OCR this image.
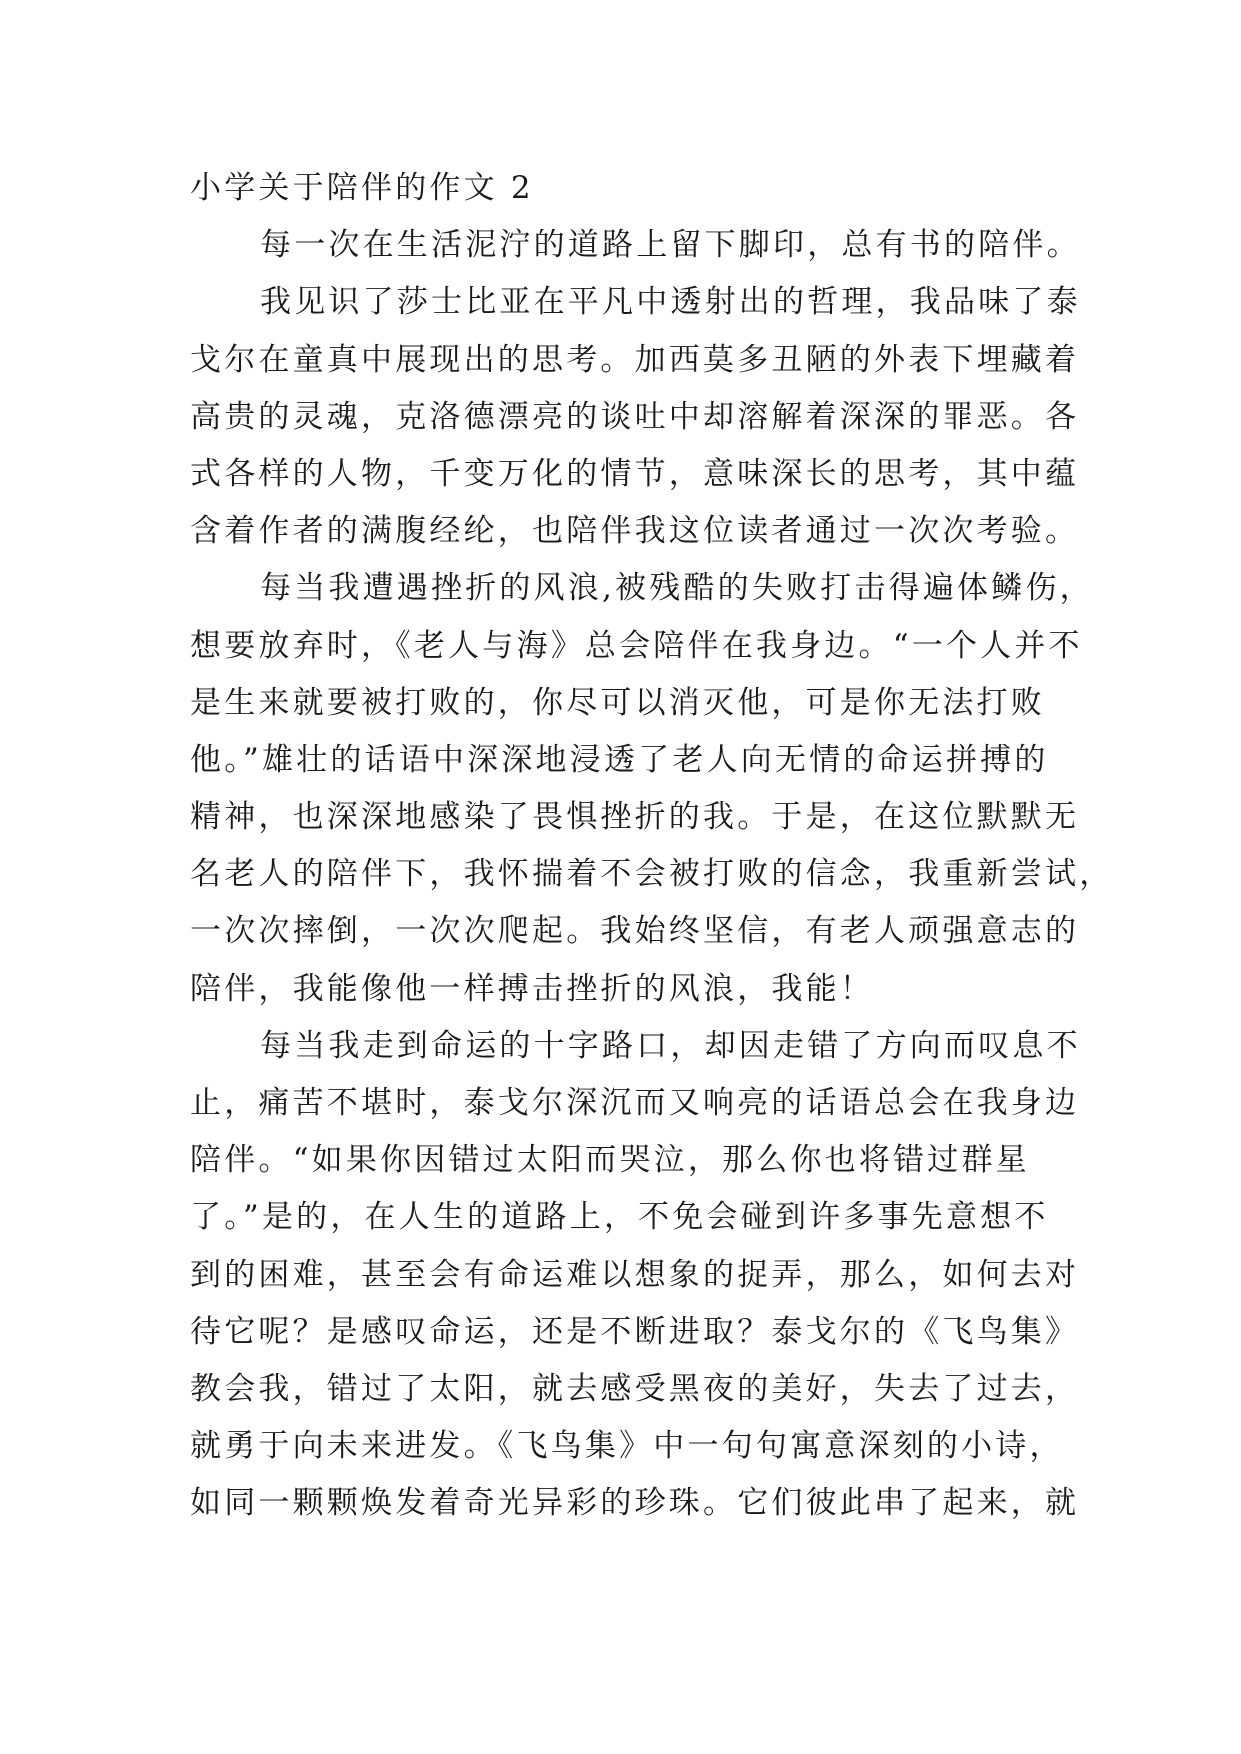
小学关于陪伴的作文 2
每一次在生活泥泞的道路上留下脚印，总有书的陪伴。
我见识了莎士比亚在平凡中透射出的哲理，我品味了泰
戈尔在童真中展现出的思考。加西莫多丑陋的外表下埋藏着
高贵的灵魂，克洛德漂亮的谈吐中却溶解着深深的罪恶。各
式各样的人物，千变万化的情节，意味深长的思考，其中蕴
含着作者的满腹经纶，也陪伴我这位读者通过一次次考验。
每当我遭遇挫折的风浪,被残酷的失败打击得遍体鳞伤，
想要放弃时，《老人与海》总会陪伴在我身边。“一个人并不
是生来就要被打败的，你尽可以消灭他，可是你无法打败
他。”雄壮的话语中深深地浸透了老人向无情的命运拼搏的
精神，也深深地感染了畏惧挫折的我。于是，在这位默默无
名老人的陪伴下，我怀揣着不会被打败的信念，我重新尝试，
一次次摔倒，一次次爬起。我始终坚信，有老人顽强意志的
陪伴，我能像他一样搏击挫折的风浪，我能！
每当我走到命运的十字路口，却因走错了方向而叹息不
止，痛苦不堪时，泰戈尔深沉而又响亮的话语总会在我身边
陪伴。“如果你因错过太阳而哭泣，那么你也将错过群星
了。”是的，在人生的道路上，不免会碰到许多事先意想不
到的困难，甚至会有命运难以想象的捉弄，那么，如何去对
待它呢？是感叹命运，还是不断进取？泰戈尔的《飞鸟集》
教会我，错过了太阳，就去感受黑夜的美好，失去了过去，
就勇于向未来进发。《飞鸟集》中一句句寓意深刻的小诗，
如同一颗颗焕发着奇光异彩的珍珠。它们彼此串了起来，就
